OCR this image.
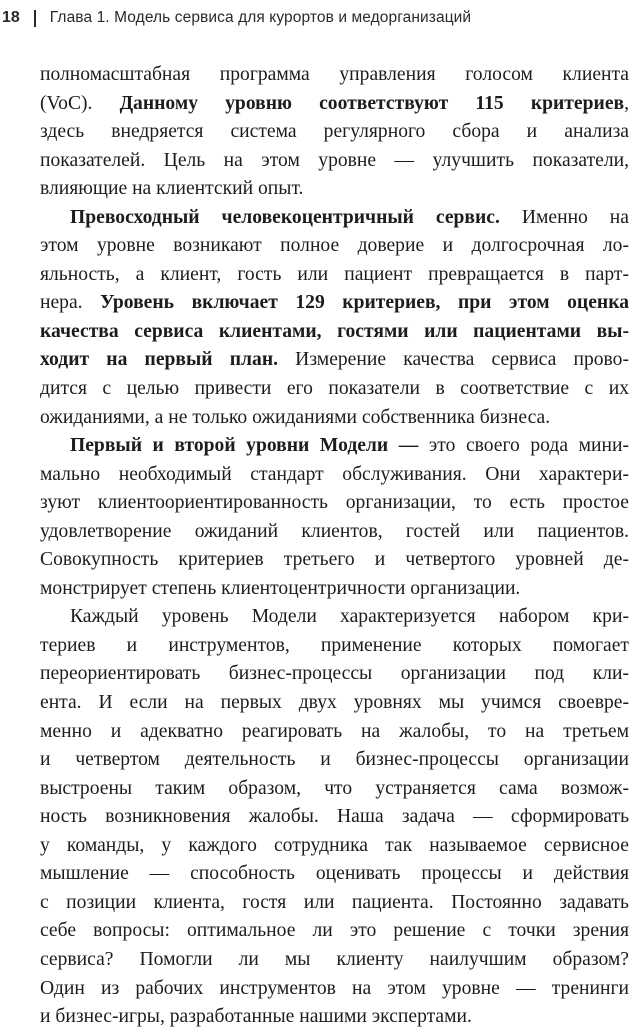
18 Глава 1. Модель сервиса для курортов и медорганизаций
полномасштабная программа управления голосом клиента
(VoC). Данному уровню соответствуют 115 критериев,
здесь внедряется система регулярного сбора и анализа
показателей. Цель на этом уровне — улучшить показатели,
влияющие на клиентский опыт.
Превосходный человекоцентричный сервис. Именно на
этом уровне возникают полное доверие и долгосрочная ло-
яльность, а клиент, гость или пациент превращается в парт-
нера. Уровень включает 129 критериев, при этом оценка
качества сервиса клиентами, гостями или пациентами вы-
ходит на первый план. Измерение качества сервиса прово-
дится с целью привести его показатели в соответствие с их
ожиданиями, а не только ожиданиями собственника бизнеса.
Первый и второй уровни Модели — это своего рода мини-
мально необходимый стандарт обслуживания. Они характери-
зуют клиентоориентированность организации, то есть простое
удовлетворение ожиданий клиентов, гостей или пациентов.
Совокупность критериев третьего и четвертого уровней де-
монстрирует степень клиентоцентричности организации.
Каждый уровень Модели характеризуется набором кри-
териев и инструментов, применение которых помогает
переориентировать бизнес-процессы организации под кли-
ента. И если на первых двух уровнях мы учимся своевре-
менно и адекватно реагировать на жалобы, то на третьем
и четвертом деятельность и бизнес-процессы организации
выстроены таким образом, что устраняется сама возмож-
ность возникновения жалобы. Наша задача — сформировать
у команды, у каждого сотрудника так называемое сервисное
мышление — способность оценивать процессы и действия
с позиции клиента, гостя или пациента. Постоянно задавать
себе вопросы: оптимальное ли это решение с точки зрения
сервиса? Помогли ли мы клиенту наилучшим образом?
Один из рабочих инструментов на этом уровне — тренинги
и бизнес-игры, разработанные нашими экспертами.
